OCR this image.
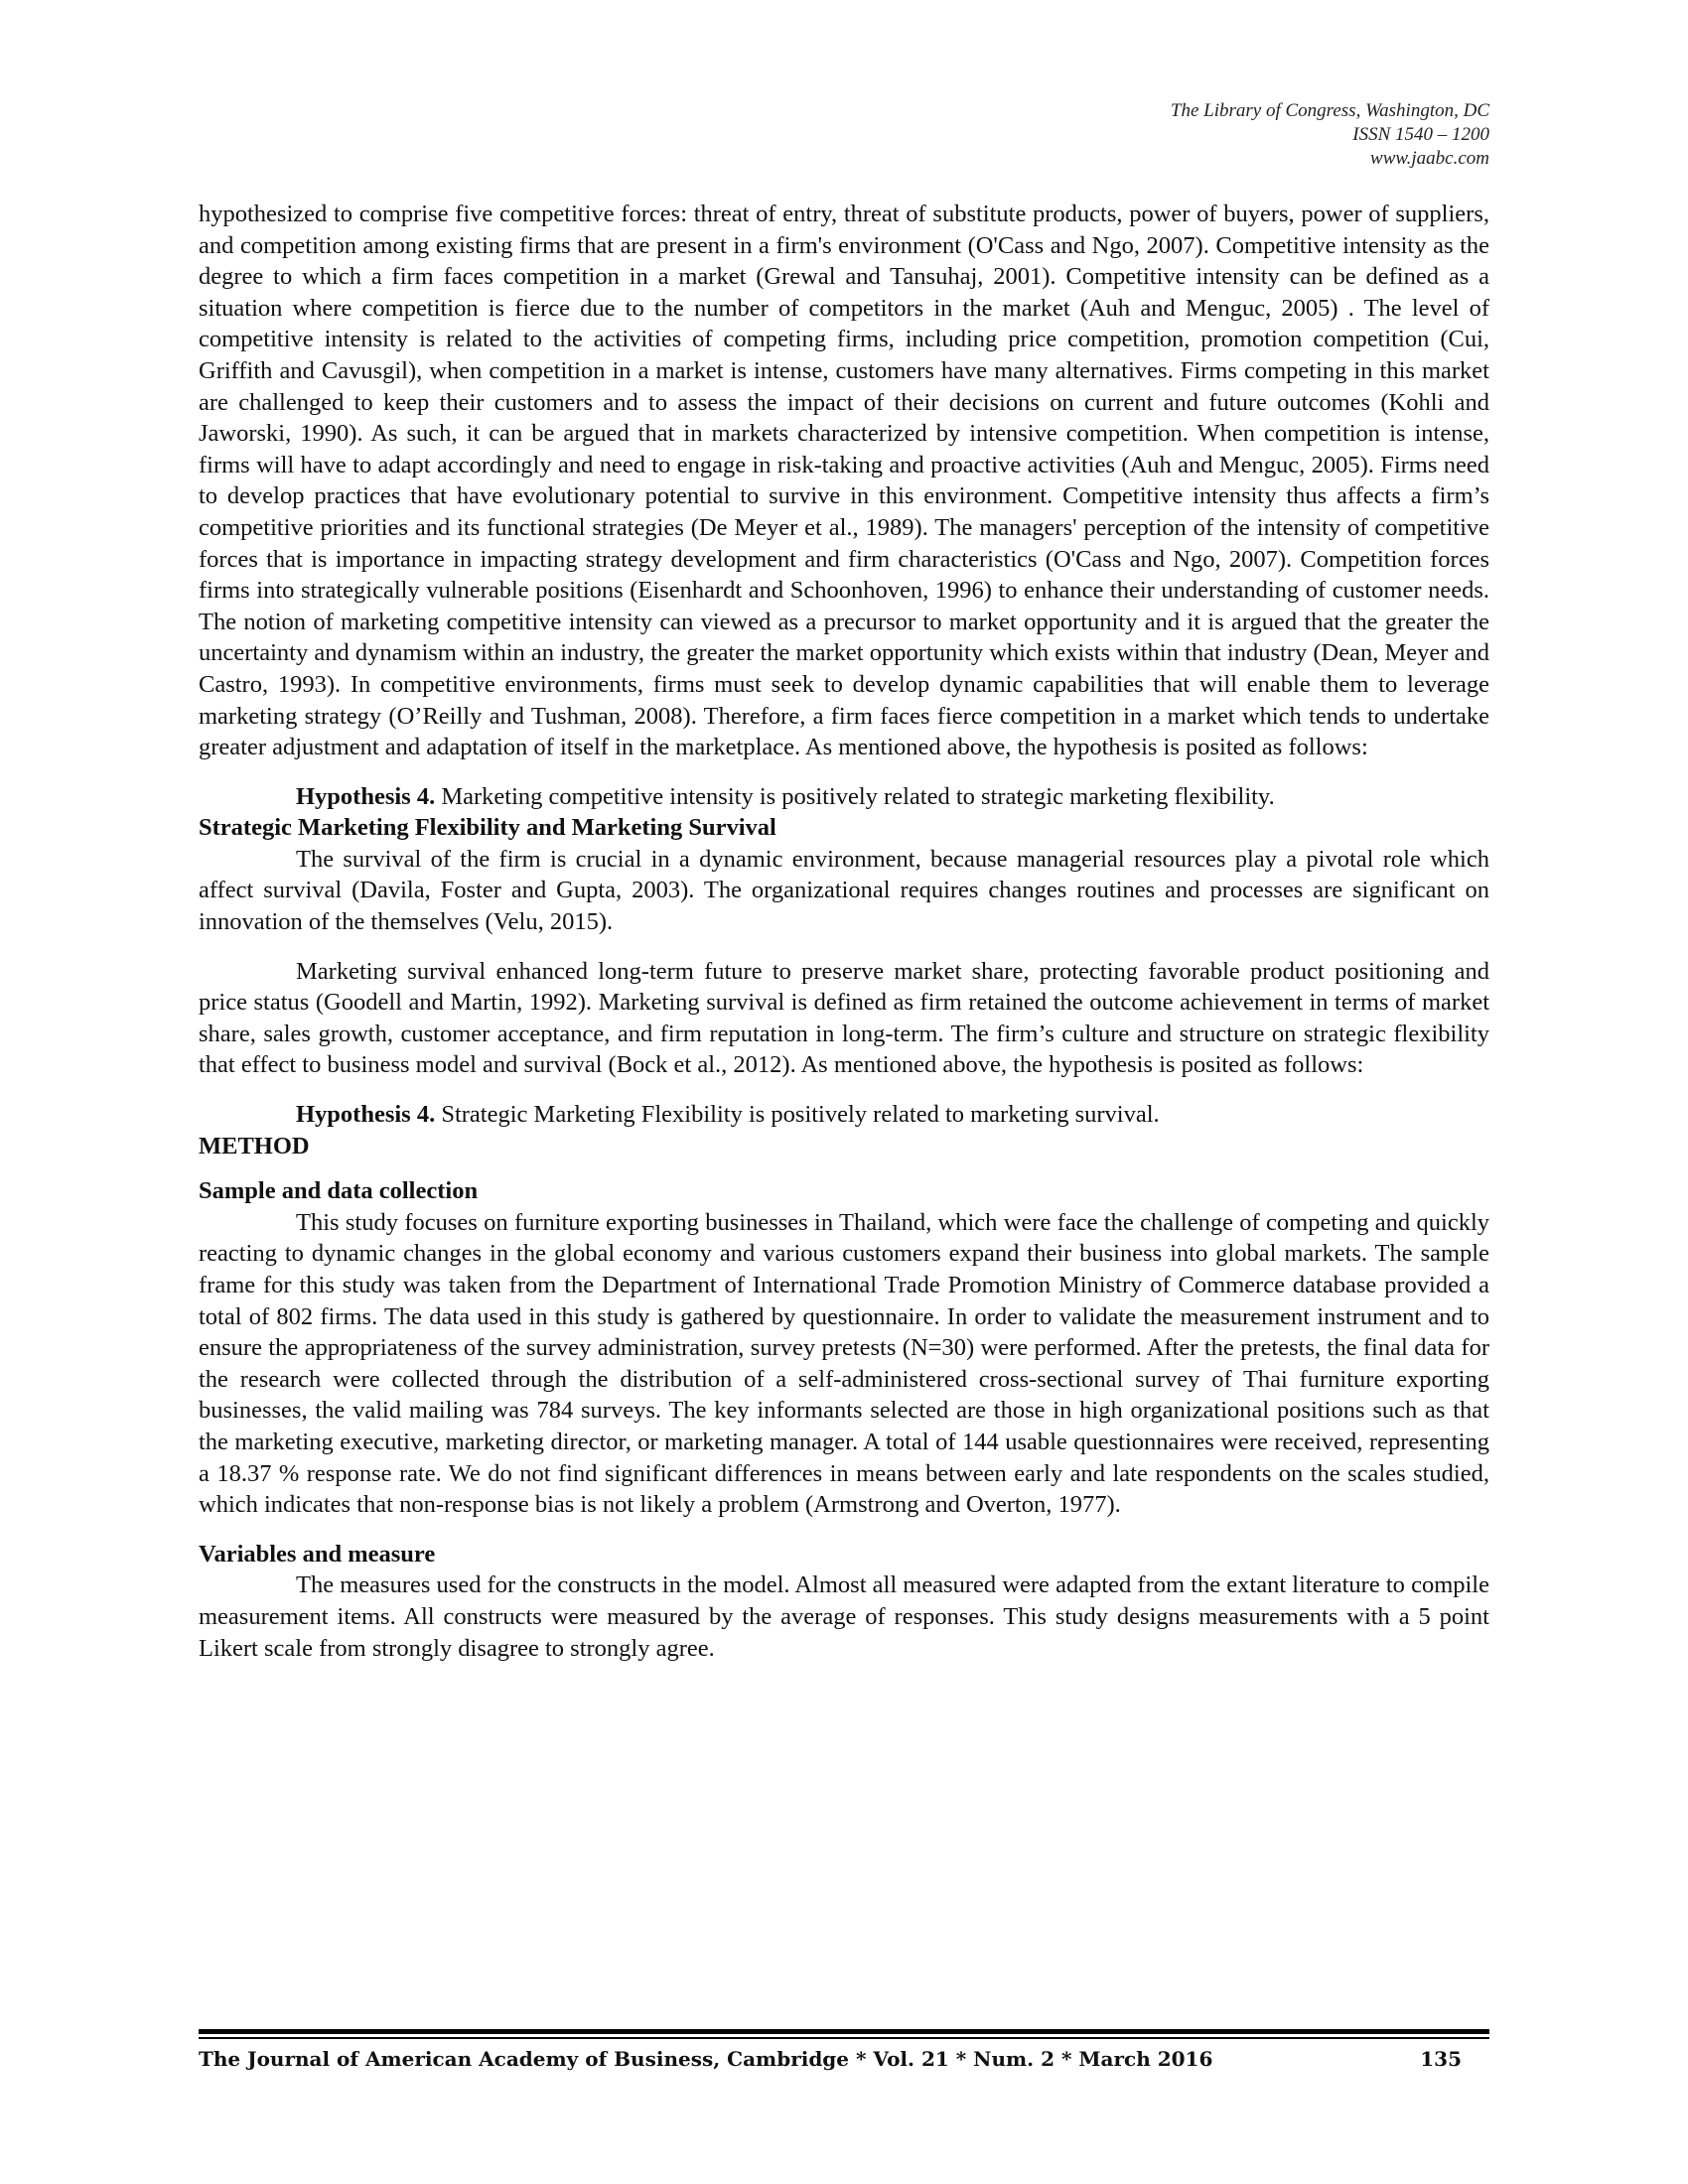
The Library of Congress, Washington, DC
ISSN 1540 – 1200
www.jaabc.com

hypothesized to comprise five competitive forces: threat of entry, threat of substitute products, power of buyers, power of suppliers, and competition among existing firms that are present in a firm's environment (O'Cass and Ngo, 2007). Competitive intensity as the degree to which a firm faces competition in a market (Grewal and Tansuhaj, 2001). Competitive intensity can be defined as a situation where competition is fierce due to the number of competitors in the market (Auh and Menguc, 2005) . The level of competitive intensity is related to the activities of competing firms, including price competition, promotion competition (Cui, Griffith and Cavusgil), when competition in a market is intense, customers have many alternatives. Firms competing in this market are challenged to keep their customers and to assess the impact of their decisions on current and future outcomes (Kohli and Jaworski, 1990). As such, it can be argued that in markets characterized by intensive competition. When competition is intense, firms will have to adapt accordingly and need to engage in risk-taking and proactive activities (Auh and Menguc, 2005). Firms need to develop practices that have evolutionary potential to survive in this environment. Competitive intensity thus affects a firm’s competitive priorities and its functional strategies (De Meyer et al., 1989). The managers' perception of the intensity of competitive forces that is importance in impacting strategy development and firm characteristics (O'Cass and Ngo, 2007). Competition forces firms into strategically vulnerable positions (Eisenhardt and Schoonhoven, 1996) to enhance their understanding of customer needs. The notion of marketing competitive intensity can viewed as a precursor to market opportunity and it is argued that the greater the uncertainty and dynamism within an industry, the greater the market opportunity which exists within that industry (Dean, Meyer and Castro, 1993). In competitive environments, firms must seek to develop dynamic capabilities that will enable them to leverage marketing strategy (O’Reilly and Tushman, 2008). Therefore, a firm faces fierce competition in a market which tends to undertake greater adjustment and adaptation of itself in the marketplace. As mentioned above, the hypothesis is posited as follows:

Hypothesis 4. Marketing competitive intensity is positively related to strategic marketing flexibility.

Strategic Marketing Flexibility and Marketing Survival

The survival of the firm is crucial in a dynamic environment, because managerial resources play a pivotal role which affect survival (Davila, Foster and Gupta, 2003). The organizational requires changes routines and processes are significant on innovation of the themselves (Velu, 2015).

Marketing survival enhanced long-term future to preserve market share, protecting favorable product positioning and price status (Goodell and Martin, 1992). Marketing survival is defined as firm retained the outcome achievement in terms of market share, sales growth, customer acceptance, and firm reputation in long-term. The firm’s culture and structure on strategic flexibility that effect to business model and survival (Bock et al., 2012). As mentioned above, the hypothesis is posited as follows:

Hypothesis 4. Strategic Marketing Flexibility is positively related to marketing survival.

METHOD

Sample and data collection

This study focuses on furniture exporting businesses in Thailand, which were face the challenge of competing and quickly reacting to dynamic changes in the global economy and various customers expand their business into global markets. The sample frame for this study was taken from the Department of International Trade Promotion Ministry of Commerce database provided a total of 802 firms. The data used in this study is gathered by questionnaire. In order to validate the measurement instrument and to ensure the appropriateness of the survey administration, survey pretests (N=30) were performed. After the pretests, the final data for the research were collected through the distribution of a self-administered cross-sectional survey of Thai furniture exporting businesses, the valid mailing was 784 surveys. The key informants selected are those in high organizational positions such as that the marketing executive, marketing director, or marketing manager. A total of 144 usable questionnaires were received, representing a 18.37 % response rate. We do not find significant differences in means between early and late respondents on the scales studied, which indicates that non-response bias is not likely a problem (Armstrong and Overton, 1977).

Variables and measure

The measures used for the constructs in the model. Almost all measured were adapted from the extant literature to compile measurement items. All constructs were measured by the average of responses. This study designs measurements with a 5 point Likert scale from strongly disagree to strongly agree.

The Journal of American Academy of Business, Cambridge * Vol. 21 * Num. 2 * March 2016	135
